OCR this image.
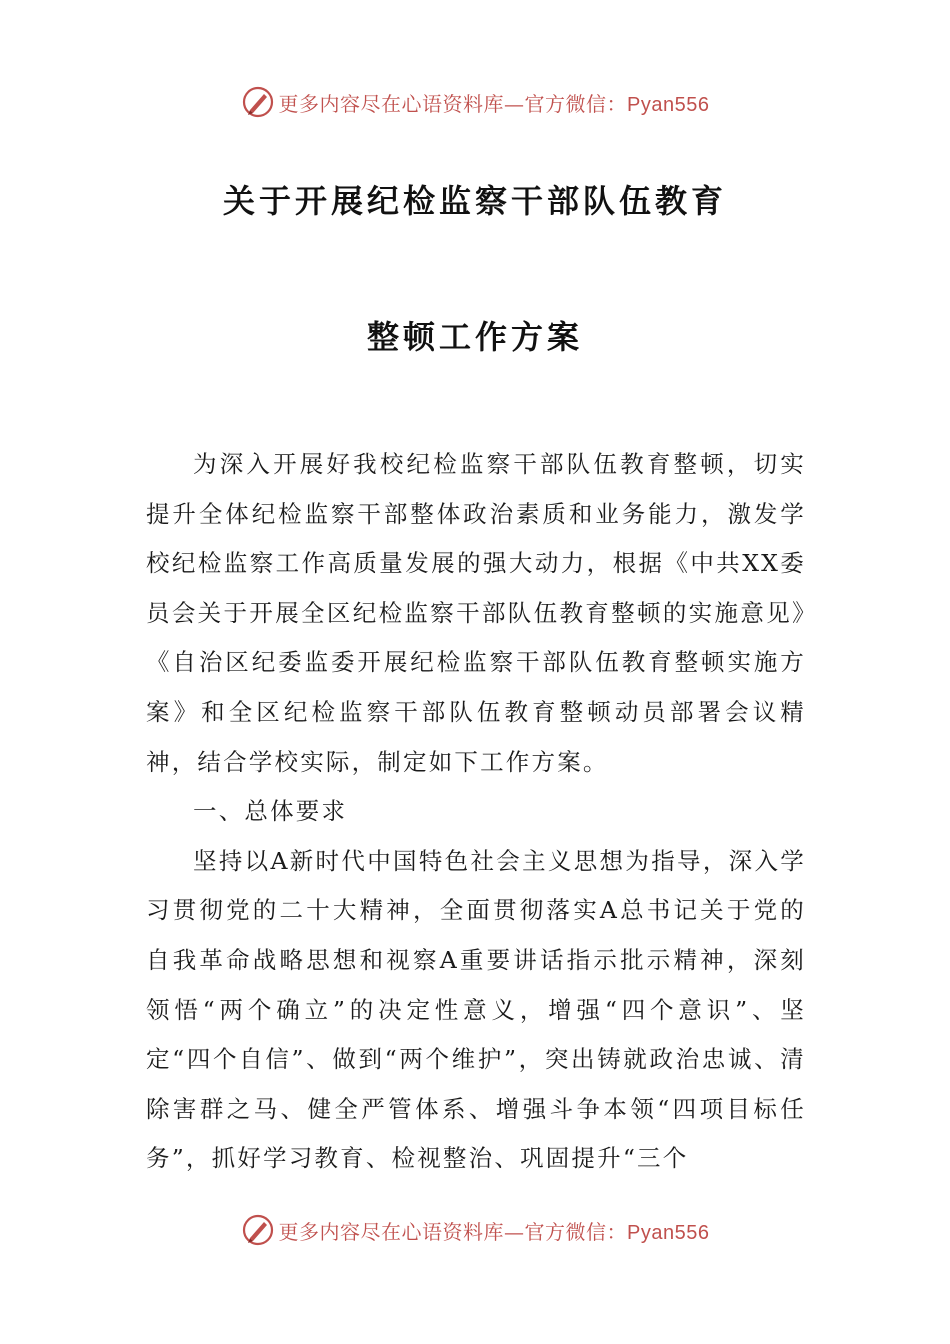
更多内容尽在心语资料库—官方微信：Pyan556
关于开展纪检监察干部队伍教育
整顿工作方案

为深入开展好我校纪检监察干部队伍教育整顿，切实提升全体纪检监察干部整体政治素质和业务能力，激发学校纪检监察工作高质量发展的强大动力，根据《中共XX委员会关于开展全区纪检监察干部队伍教育整顿的实施意见》《自治区纪委监委开展纪检监察干部队伍教育整顿实施方案》和全区纪检监察干部队伍教育整顿动员部署会议精神，结合学校实际，制定如下工作方案。

一、总体要求

坚持以A新时代中国特色社会主义思想为指导，深入学习贯彻党的二十大精神，全面贯彻落实A总书记关于党的自我革命战略思想和视察A重要讲话指示批示精神，深刻领悟“两个确立”的决定性意义，增强“四个意识”、坚定“四个自信”、做到“两个维护”，突出铸就政治忠诚、清除害群之马、健全严管体系、增强斗争本领“四项目标任务”，抓好学习教育、检视整治、巩固提升“三个

更多内容尽在心语资料库—官方微信：Pyan556
